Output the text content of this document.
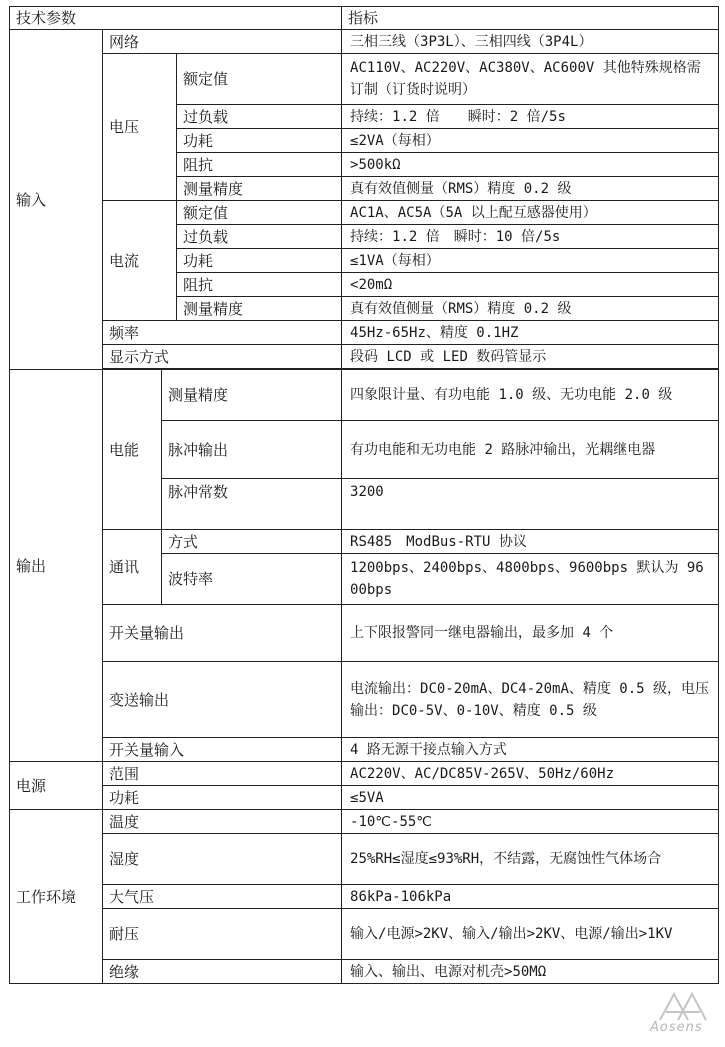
技术参数				指标
输入	网络			三相三线（3P3L）、三相四线（3P4L）
	电压		额定值	AC110V、AC220V、AC380V、AC600V 其他特殊规格需订制（订货时说明）
			过负载	持续：1.2 倍　　瞬时：2 倍/5s
			功耗	≤2VA（每相）
			阻抗	>500kΩ
			测量精度	真有效值侧量（RMS）精度 0.2 级
	电流		额定值	AC1A、AC5A（5A 以上配互感器使用）
			过负载	持续：1.2 倍　瞬时：10 倍/5s
			功耗	≤1VA（每相）
			阻抗	<20mΩ
			测量精度	真有效值侧量（RMS）精度 0.2 级
	频率			45Hz-65Hz、精度 0.1HZ
	显示方式			段码 LCD 或 LED 数码管显示

输出	电能	测量精度		四象限计量、有功电能 1.0 级、无功电能 2.0 级
		脉冲输出		有功电能和无功电能 2 路脉冲输出，光耦继电器
		脉冲常数		3200
	通讯	方式		RS485　ModBus-RTU 协议
		波特率		1200bps、2400bps、4800bps、9600bps 默认为 9600bps
	开关量输出			上下限报警同一继电器输出，最多加 4 个
	变送输出			电流输出：DC0-20mA、DC4-20mA、精度 0.5 级，电压输出：DC0-5V、0-10V、精度 0.5 级
	开关量输入			4 路无源干接点输入方式
电源	范围			AC220V、AC/DC85V-265V、50Hz/60Hz
	功耗			≤5VA
工作环境	温度			-10℃-55℃
	湿度			25%RH≤湿度≤93%RH，不结露，无腐蚀性气体场合
	大气压			86kPa-106kPa
	耐压			输入/电源>2KV、输入/输出>2KV、电源/输出>1KV
	绝缘			输入、输出、电源对机壳>50MΩ
Aosens
